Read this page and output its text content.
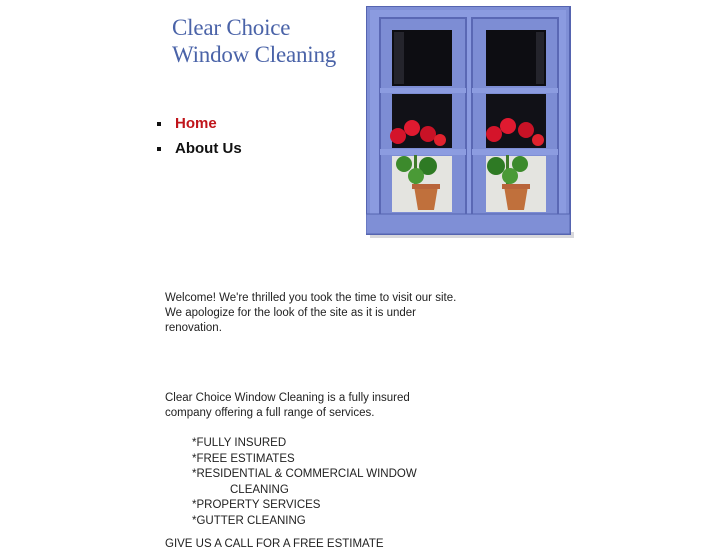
Clear Choice
Window Cleaning
Home
About Us
Welcome! We're thrilled you took the time to visit our site. We apologize for the look of the site as it is under renovation.
Clear Choice Window Cleaning is a fully insured company offering a full range of services.
*FULLY INSURED
*FREE ESTIMATES
*RESIDENTIAL & COMMERCIAL WINDOW
CLEANING
*PROPERTY SERVICES
*GUTTER CLEANING
GIVE US A CALL FOR A FREE ESTIMATE
